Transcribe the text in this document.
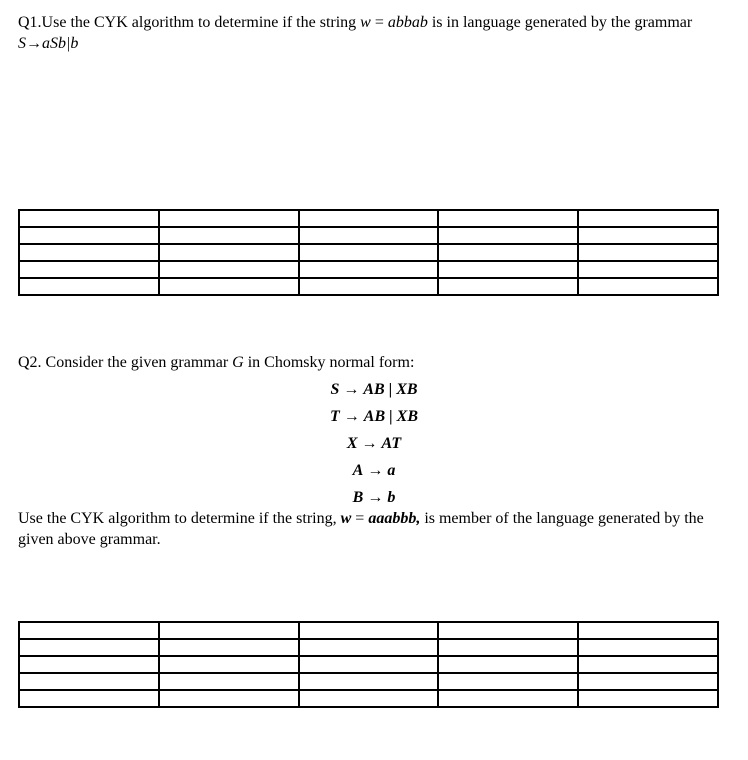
Q1.Use the CYK algorithm to determine if the string w = abbab is in language generated by the grammar S→aSb|b

Q2. Consider the given grammar G in Chomsky normal form:

S → AB | XB
T → AB | XB
X → AT
A → a
B → b

Use the CYK algorithm to determine if the string, w = aaabbb, is member of the language generated by the given above grammar.
